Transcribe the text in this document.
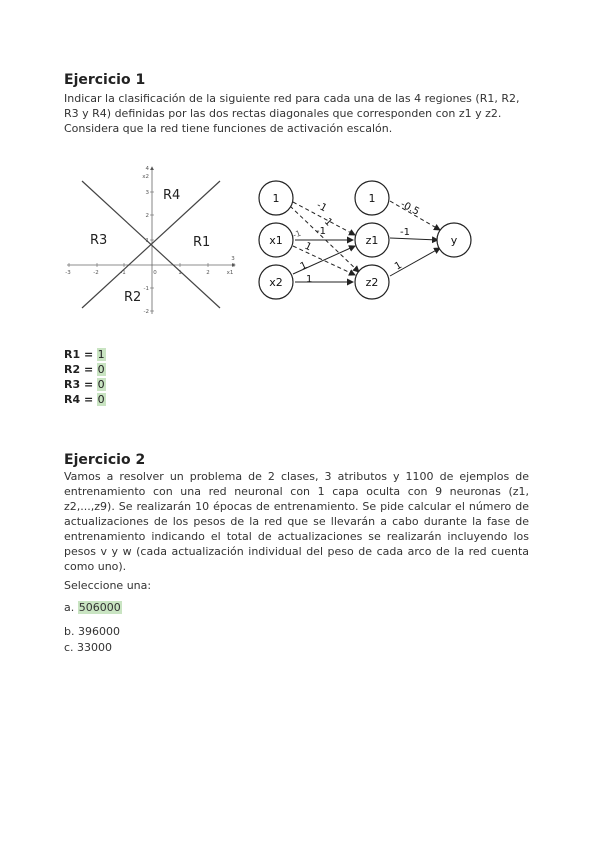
Ejercicio 1
Indicar la clasificación de la siguiente red para cada una de las 4 regiones (R1, R2, R3 y R4) definidas por las dos rectas diagonales que corresponden con z1 y z2. Considera que la red tiene funciones de activación escalón.
-3	-2	-1	0	1	2
3
x1
4
3
2
-1
-2
x2
R4
R3	R1
R2
1
x1
x2
1
z1
z2
y
-1
-1	-1
1
1
1
1
-0.5
1
-1
R1 = 1
R2 = 0
R3 = 0
R4 = 0
Ejercicio 2
Vamos a resolver un problema de 2 clases, 3 atributos y 1100 de ejemplos de entrenamiento con una red neuronal con 1 capa oculta con 9 neuronas (z1, z2,...,z9). Se realizarán 10 épocas de entrenamiento. Se pide calcular el número de actualizaciones de los pesos de la red que se llevarán a cabo durante la fase de entrenamiento indicando el total de actualizaciones se realizarán incluyendo los pesos v y w (cada actualización individual del peso de cada arco de la red cuenta como uno).
Seleccione una:
a. 506000
b. 396000
c. 33000
